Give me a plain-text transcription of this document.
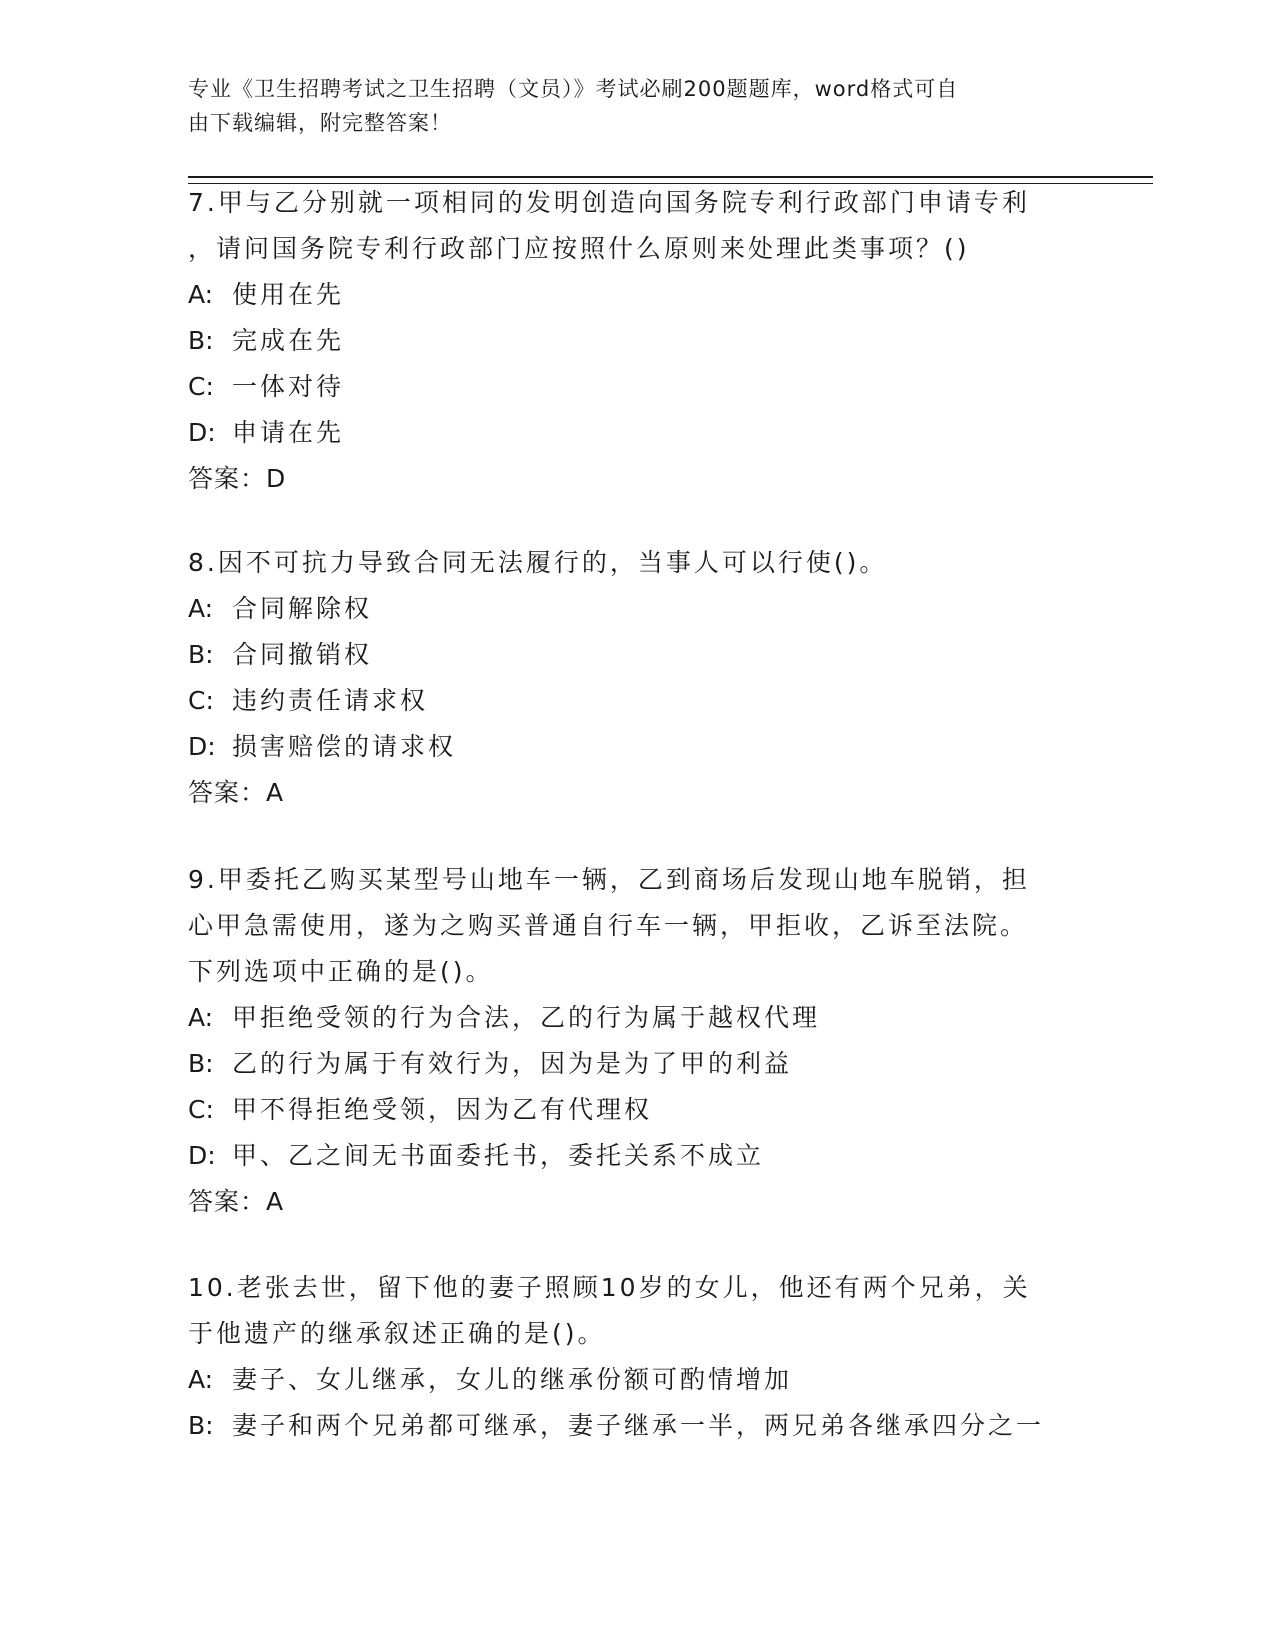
专业《卫生招聘考试之卫生招聘（文员）》考试必刷200题题库，word格式可自
由下载编辑，附完整答案！
7.甲与乙分别就一项相同的发明创造向国务院专利行政部门申请专利
，请问国务院专利行政部门应按照什么原则来处理此类事项？()
A: 使用在先
B: 完成在先
C: 一体对待
D: 申请在先
答案：D
8.因不可抗力导致合同无法履行的，当事人可以行使()。
A: 合同解除权
B: 合同撤销权
C: 违约责任请求权
D: 损害赔偿的请求权
答案：A
9.甲委托乙购买某型号山地车一辆，乙到商场后发现山地车脱销，担
心甲急需使用，遂为之购买普通自行车一辆，甲拒收，乙诉至法院。
下列选项中正确的是()。
A: 甲拒绝受领的行为合法，乙的行为属于越权代理
B: 乙的行为属于有效行为，因为是为了甲的利益
C: 甲不得拒绝受领，因为乙有代理权
D: 甲、乙之间无书面委托书，委托关系不成立
答案：A
10.老张去世，留下他的妻子照顾10岁的女儿，他还有两个兄弟，关
于他遗产的继承叙述正确的是()。
A: 妻子、女儿继承，女儿的继承份额可酌情增加
B: 妻子和两个兄弟都可继承，妻子继承一半，两兄弟各继承四分之一
